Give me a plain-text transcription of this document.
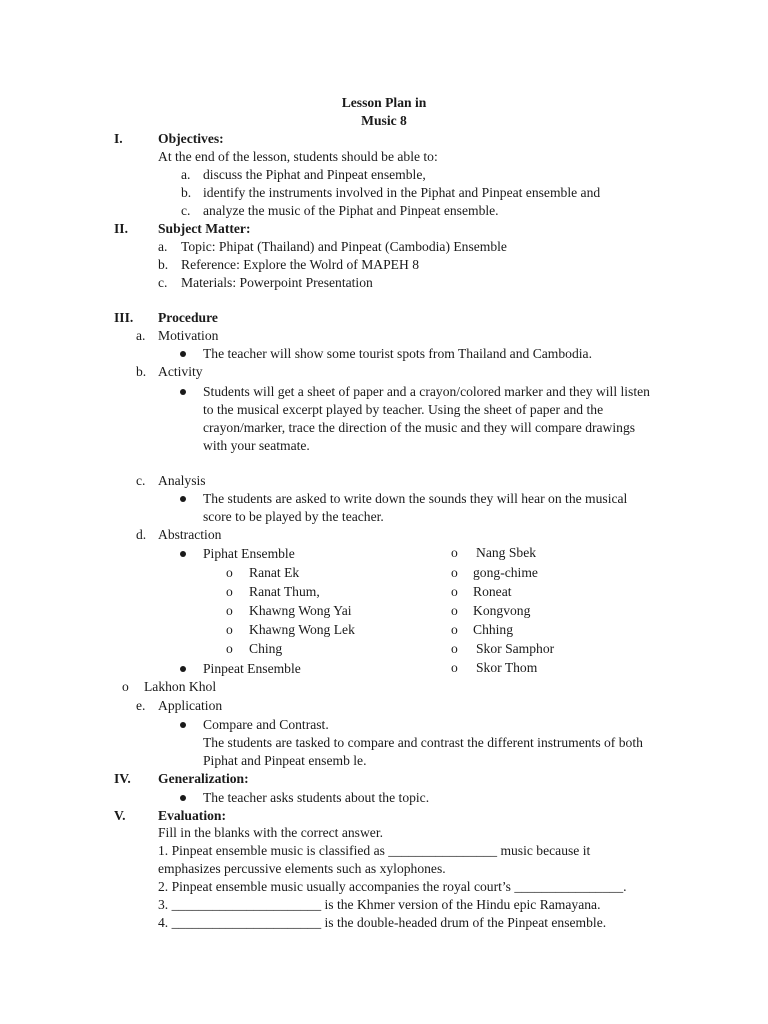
Lesson Plan in
Music 8
I.	Objectives:
At the end of the lesson, students should be able to:
a. discuss the Piphat and Pinpeat ensemble,
b. identify the instruments involved in the Piphat and Pinpeat ensemble and
c. analyze the music of the Piphat and Pinpeat ensemble.
II. Subject Matter:
a. Topic: Phipat (Thailand) and Pinpeat (Cambodia) Ensemble
b. Reference: Explore the Wolrd of MAPEH 8
c. Materials: Powerpoint Presentation
III. Procedure
a. Motivation
The teacher will show some tourist spots from Thailand and Cambodia.
b. Activity
Students will get a sheet of paper and a crayon/colored marker and they will listen
to the musical excerpt played by teacher. Using the sheet of paper and the
crayon/marker, trace the direction of the music and they will compare drawings
with your seatmate.
c. Analysis
The students are asked to write down the sounds they will hear on the musical
score to be played by the teacher.
d. Abstraction
Piphat Ensemble
o Ranat Ek
o Ranat Thum,
o Khawng Wong Yai
o Khawng Wong Lek
o Ching
Pinpeat Ensemble
o Nang Sbek
o gong-chime
o Roneat
o Kongvong
o Chhing
o Skor Samphor
o Skor Thom
o Lakhon Khol
e. Application
Compare and Contrast.
The students are tasked to compare and contrast the different instruments of both
Piphat and Pinpeat ensemb le.
IV. Generalization:
The teacher asks students about the topic.
V. Evaluation:
Fill in the blanks with the correct answer.
1. Pinpeat ensemble music is classified as ________________ music because it
emphasizes percussive elements such as xylophones.
2. Pinpeat ensemble music usually accompanies the royal court’s ________________.
3. ______________________ is the Khmer version of the Hindu epic Ramayana.
4. ______________________ is the double-headed drum of the Pinpeat ensemble.
